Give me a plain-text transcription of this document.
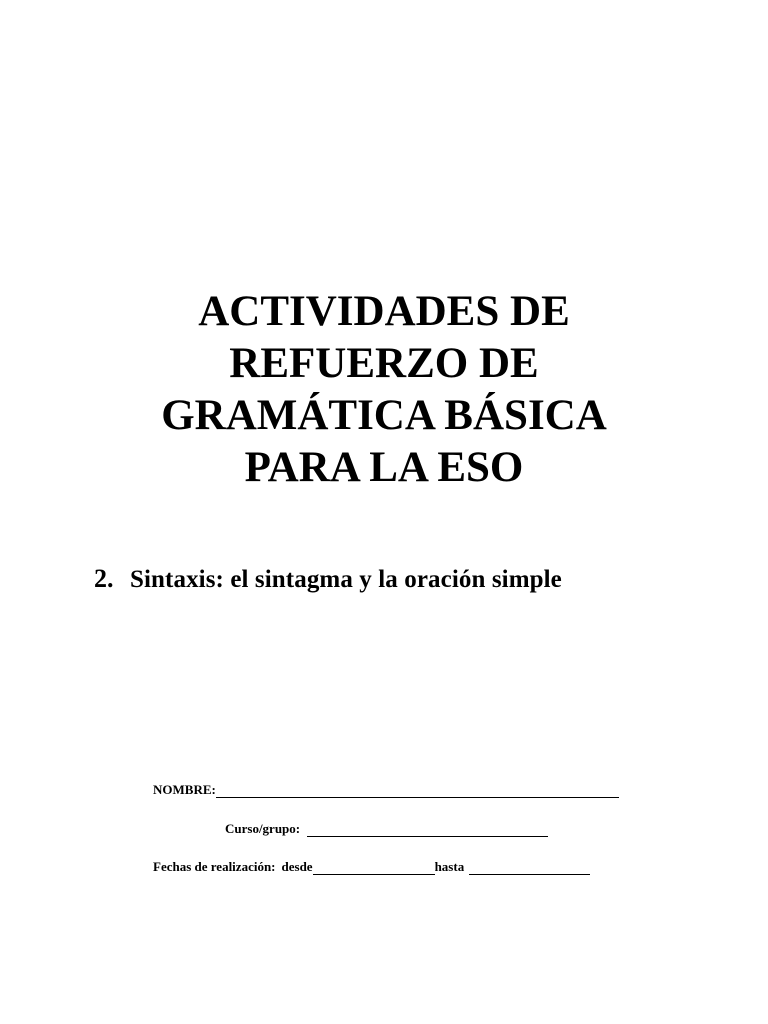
ACTIVIDADES DE
REFUERZO DE
GRAMÁTICA BÁSICA
PARA LA ESO
2. Sintaxis: el sintagma y la oración simple
NOMBRE:
Curso/grupo:
Fechas de realización: desde	hasta
